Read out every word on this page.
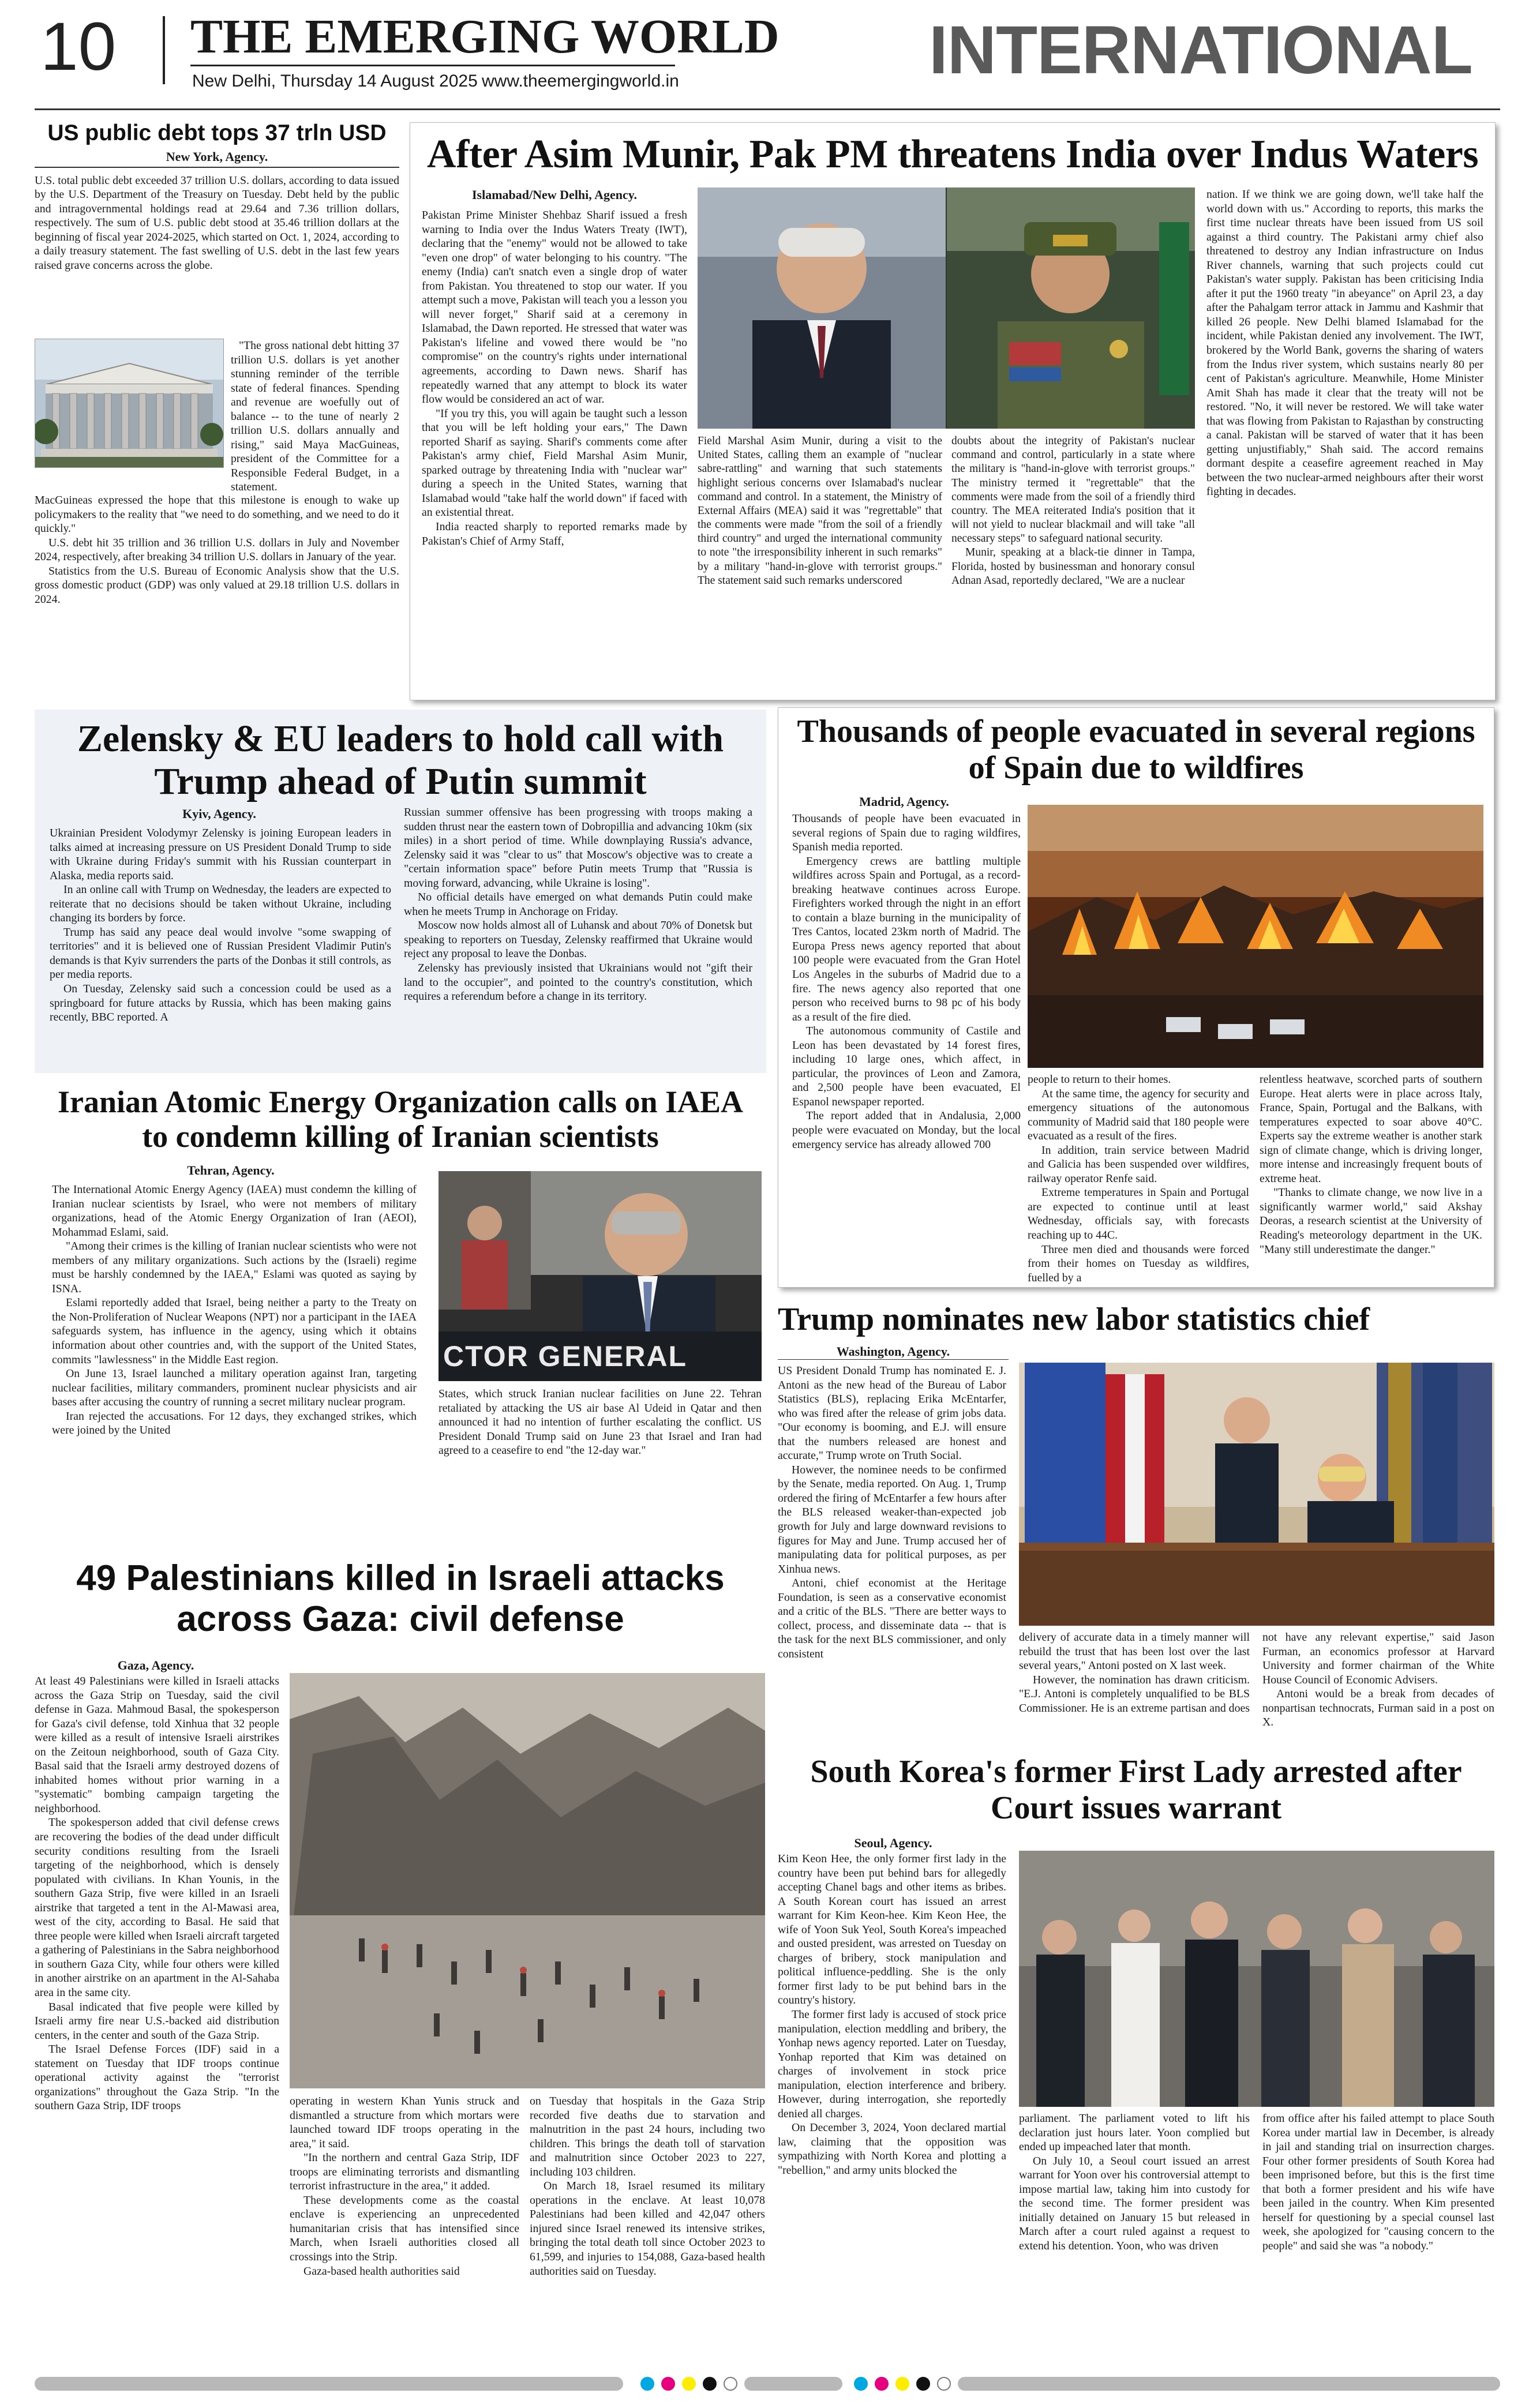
10 THE EMERGING WORLD
New Delhi, Thursday 14 August 2025 www.theemergingworld.in	INTERNATIONAL
US public debt tops 37 trln USD
New York, Agency.

U.S. total public debt exceeded 37 trillion U.S. dollars, according to data issued by the U.S. Department of the Treasury on Tuesday. Debt held by the public and intragovernmental holdings read at 29.64 and 7.36 trillion dollars, respectively. The sum of U.S. public debt stood at 35.46 trillion dollars at the beginning of fiscal year 2024-2025, which started on Oct. 1, 2024, according to a daily treasury statement. The fast swelling of U.S. debt in the last few years raised grave concerns across the globe.

"The gross national debt hitting 37 trillion U.S. dollars is yet another stunning reminder of the terrible state of federal finances. Spending and revenue are woefully out of balance -- to the tune of nearly 2 trillion U.S. dollars annually and rising," said Maya MacGuineas, president of the Committee for a Responsible Federal Budget, in a statement.

MacGuineas expressed the hope that this milestone is enough to wake up policymakers to the reality that "we need to do something, and we need to do it quickly."

U.S. debt hit 35 trillion and 36 trillion U.S. dollars in July and November 2024, respectively, after breaking 34 trillion U.S. dollars in January of the year.

Statistics from the U.S. Bureau of Economic Analysis show that the U.S. gross domestic product (GDP) was only valued at 29.18 trillion U.S. dollars in 2024.

After Asim Munir, Pak PM threatens India over Indus Waters
Islamabad/New Delhi, Agency.

Pakistan Prime Minister Shehbaz Sharif issued a fresh warning to India over the Indus Waters Treaty (IWT), declaring that the "enemy" would not be allowed to take "even one drop" of water belonging to his country. "The enemy (India) can't snatch even a single drop of water from Pakistan. You threatened to stop our water. If you attempt such a move, Pakistan will teach you a lesson you will never forget," Sharif said at a ceremony in Islamabad, the Dawn reported. He stressed that water was Pakistan's lifeline and vowed there would be "no compromise" on the country's rights under international agreements, according to Dawn news. Sharif has repeatedly warned that any attempt to block its water flow would be considered an act of war.

"If you try this, you will again be taught such a lesson that you will be left holding your ears," The Dawn reported Sharif as saying. Sharif's comments come after Pakistan's army chief, Field Marshal Asim Munir, sparked outrage by threatening India with "nuclear war" during a speech in the United States, warning that Islamabad would "take half the world down" if faced with an existential threat.

India reacted sharply to reported remarks made by Pakistan's Chief of Army Staff,

Field Marshal Asim Munir, during a visit to the United States, calling them an example of "nuclear sabre-rattling" and warning that such statements highlight serious concerns over Islamabad's nuclear command and control. In a statement, the Ministry of External Affairs (MEA) said it was "regrettable" that the comments were made "from the soil of a friendly third country" and urged the international community to note "the irresponsibility inherent in such remarks" by a military "hand-in-glove with terrorist groups." The statement said such remarks underscored

doubts about the integrity of Pakistan's nuclear command and control, particularly in a state where the military is "hand-in-glove with terrorist groups." The ministry termed it "regrettable" that the comments were made from the soil of a friendly third country. The MEA reiterated India's position that it will not yield to nuclear blackmail and will take "all necessary steps" to safeguard national security.

Munir, speaking at a black-tie dinner in Tampa, Florida, hosted by businessman and honorary consul Adnan Asad, reportedly declared, "We are a nuclear

nation. If we think we are going down, we'll take half the world down with us." According to reports, this marks the first time nuclear threats have been issued from US soil against a third country. The Pakistani army chief also threatened to destroy any Indian infrastructure on Indus River channels, warning that such projects could cut Pakistan's water supply. Pakistan has been criticising India after it put the 1960 treaty "in abeyance" on April 23, a day after the Pahalgam terror attack in Jammu and Kashmir that killed 26 people. New Delhi blamed Islamabad for the incident, while Pakistan denied any involvement. The IWT, brokered by the World Bank, governs the sharing of waters from the Indus river system, which sustains nearly 80 per cent of Pakistan's agriculture. Meanwhile, Home Minister Amit Shah has made it clear that the treaty will not be restored. "No, it will never be restored. We will take water that was flowing from Pakistan to Rajasthan by constructing a canal. Pakistan will be starved of water that it has been getting unjustifiably," Shah said. The accord remains dormant despite a ceasefire agreement reached in May between the two nuclear-armed neighbours after their worst fighting in decades.

Zelensky & EU leaders to hold call with Trump ahead of Putin summit
Kyiv, Agency.

Ukrainian President Volodymyr Zelensky is joining European leaders in talks aimed at increasing pressure on US President Donald Trump to side with Ukraine during Friday's summit with his Russian counterpart in Alaska, media reports said.

In an online call with Trump on Wednesday, the leaders are expected to reiterate that no decisions should be taken without Ukraine, including changing its borders by force.

Trump has said any peace deal would involve "some swapping of territories" and it is believed one of Russian President Vladimir Putin's demands is that Kyiv surrenders the parts of the Donbas it still controls, as per media reports.

On Tuesday, Zelensky said such a concession could be used as a springboard for future attacks by Russia, which has been making gains recently, BBC reported. A

Russian summer offensive has been progressing with troops making a sudden thrust near the eastern town of Dobropillia and advancing 10km (six miles) in a short period of time. While downplaying Russia's advance, Zelensky said it was "clear to us" that Moscow's objective was to create a "certain information space" before Putin meets Trump that "Russia is moving forward, advancing, while Ukraine is losing".

No official details have emerged on what demands Putin could make when he meets Trump in Anchorage on Friday.

Moscow now holds almost all of Luhansk and about 70% of Donetsk but speaking to reporters on Tuesday, Zelensky reaffirmed that Ukraine would reject any proposal to leave the Donbas.

Zelensky has previously insisted that Ukrainians would not "gift their land to the occupier", and pointed to the country's constitution, which requires a referendum before a change in its territory.

Iranian Atomic Energy Organization calls on IAEA to condemn killing of Iranian scientists
Tehran, Agency.

The International Atomic Energy Agency (IAEA) must condemn the killing of Iranian nuclear scientists by Israel, who were not members of military organizations, head of the Atomic Energy Organization of Iran (AEOI), Mohammad Eslami, said.

"Among their crimes is the killing of Iranian nuclear scientists who were not members of any military organizations. Such actions by the (Israeli) regime must be harshly condemned by the IAEA," Eslami was quoted as saying by ISNA.

Eslami reportedly added that Israel, being neither a party to the Treaty on the Non-Proliferation of Nuclear Weapons (NPT) nor a participant in the IAEA safeguards system, has influence in the agency, using which it obtains information about other countries and, with the support of the United States, commits "lawlessness" in the Middle East region.

On June 13, Israel launched a military operation against Iran, targeting nuclear facilities, military commanders, prominent nuclear physicists and air bases after accusing the country of running a secret military nuclear program.

Iran rejected the accusations. For 12 days, they exchanged strikes, which were joined by the United

CTOR GENERAL

States, which struck Iranian nuclear facilities on June 22. Tehran retaliated by attacking the US air base Al Udeid in Qatar and then announced it had no intention of further escalating the conflict. US President Donald Trump said on June 23 that Israel and Iran had agreed to a ceasefire to end "the 12-day war."

49 Palestinians killed in Israeli attacks across Gaza: civil defense
Gaza, Agency.

At least 49 Palestinians were killed in Israeli attacks across the Gaza Strip on Tuesday, said the civil defense in Gaza. Mahmoud Basal, the spokesperson for Gaza's civil defense, told Xinhua that 32 people were killed as a result of intensive Israeli airstrikes on the Zeitoun neighborhood, south of Gaza City. Basal said that the Israeli army destroyed dozens of inhabited homes without prior warning in a "systematic" bombing campaign targeting the neighborhood.

The spokesperson added that civil defense crews are recovering the bodies of the dead under difficult security conditions resulting from the Israeli targeting of the neighborhood, which is densely populated with civilians. In Khan Younis, in the southern Gaza Strip, five were killed in an Israeli airstrike that targeted a tent in the Al-Mawasi area, west of the city, according to Basal. He said that three people were killed when Israeli aircraft targeted a gathering of Palestinians in the Sabra neighborhood in southern Gaza City, while four others were killed in another airstrike on an apartment in the Al-Sahaba area in the same city.

Basal indicated that five people were killed by Israeli army fire near U.S.-backed aid distribution centers, in the center and south of the Gaza Strip.

The Israel Defense Forces (IDF) said in a statement on Tuesday that IDF troops continue operational activity against the "terrorist organizations" throughout the Gaza Strip. "In the southern Gaza Strip, IDF troops	operating in western Khan Yunis struck and dismantled a structure from which mortars were launched toward IDF troops operating in the area," it said.

"In the northern and central Gaza Strip, IDF troops are eliminating terrorists and dismantling terrorist infrastructure in the area," it added.

These developments come as the coastal enclave is experiencing an unprecedented humanitarian crisis that has intensified since March, when Israeli authorities closed all crossings into the Strip.

Gaza-based health authorities said

on Tuesday that hospitals in the Gaza Strip recorded five deaths due to starvation and malnutrition in the past 24 hours, including two children. This brings the death toll of starvation and malnutrition since October 2023 to 227, including 103 children.

On March 18, Israel resumed its military operations in the enclave. At least 10,078 Palestinians had been killed and 42,047 others injured since Israel renewed its intensive strikes, bringing the total death toll since October 2023 to 61,599, and injuries to 154,088, Gaza-based health authorities said on Tuesday.

Thousands of people evacuated in several regions of Spain due to wildfires
Madrid, Agency.

Thousands of people have been evacuated in several regions of Spain due to raging wildfires, Spanish media reported.

Emergency crews are battling multiple wildfires across Spain and Portugal, as a record-breaking heatwave continues across Europe. Firefighters worked through the night in an effort to contain a blaze burning in the municipality of Tres Cantos, located 23km north of Madrid. The Europa Press news agency reported that about 100 people were evacuated from the Gran Hotel Los Angeles in the suburbs of Madrid due to a fire. The news agency also reported that one person who received burns to 98 pc of his body as a result of the fire died.

The autonomous community of Castile and Leon has been devastated by 14 forest fires, including 10 large ones, which affect, in particular, the provinces of Leon and Zamora, and 2,500 people have been evacuated, El Espanol newspaper reported.

The report added that in Andalusia, 2,000 people were evacuated on Monday, but the local emergency service has already allowed 700

people to return to their homes.

At the same time, the agency for security and emergency situations of the autonomous community of Madrid said that 180 people were evacuated as a result of the fires.

In addition, train service between Madrid and Galicia has been suspended over wildfires, railway operator Renfe said.

Extreme temperatures in Spain and Portugal are expected to continue until at least Wednesday, officials say, with forecasts reaching up to 44C.

Three men died and thousands were forced from their homes on Tuesday as wildfires, fuelled by a

relentless heatwave, scorched parts of southern Europe. Heat alerts were in place across Italy, France, Spain, Portugal and the Balkans, with temperatures expected to soar above 40°C. Experts say the extreme weather is another stark sign of climate change, which is driving longer, more intense and increasingly frequent bouts of extreme heat.

"Thanks to climate change, we now live in a significantly warmer world," said Akshay Deoras, a research scientist at the University of Reading's meteorology department in the UK. "Many still underestimate the danger."

Trump nominates new labor statistics chief
Washington, Agency.

US President Donald Trump has nominated E. J. Antoni as the new head of the Bureau of Labor Statistics (BLS), replacing Erika McEntarfer, who was fired after the release of grim jobs data. "Our economy is booming, and E.J. will ensure that the numbers released are honest and accurate," Trump wrote on Truth Social.

However, the nominee needs to be confirmed by the Senate, media reported. On Aug. 1, Trump ordered the firing of McEntarfer a few hours after the BLS released weaker-than-expected job growth for July and large downward revisions to figures for May and June. Trump accused her of manipulating data for political purposes, as per Xinhua news.

Antoni, chief economist at the Heritage Foundation, is seen as a conservative economist and a critic of the BLS. "There are better ways to collect, process, and disseminate data -- that is the task for the next BLS commissioner, and only consistent

delivery of accurate data in a timely manner will rebuild the trust that has been lost over the last several years," Antoni posted on X last week.

However, the nomination has drawn criticism. "E.J. Antoni is completely unqualified to be BLS Commissioner. He is an extreme partisan and does

not have any relevant expertise," said Jason Furman, an economics professor at Harvard University and former chairman of the White House Council of Economic Advisers.

Antoni would be a break from decades of nonpartisan technocrats, Furman said in a post on X.

South Korea's former First Lady arrested after Court issues warrant
Seoul, Agency.

Kim Keon Hee, the only former first lady in the country have been put behind bars for allegedly accepting Chanel bags and other items as bribes. A South Korean court has issued an arrest warrant for Kim Keon-hee. Kim Keon Hee, the wife of Yoon Suk Yeol, South Korea's impeached and ousted president, was arrested on Tuesday on charges of bribery, stock manipulation and political influence-peddling. She is the only former first lady to be put behind bars in the country's history.

The former first lady is accused of stock price manipulation, election meddling and bribery, the Yonhap news agency reported. Later on Tuesday, Yonhap reported that Kim was detained on charges of involvement in stock price manipulation, election interference and bribery. However, during interrogation, she reportedly denied all charges.

On December 3, 2024, Yoon declared martial law, claiming that the opposition was sympathizing with North Korea and plotting a "rebellion," and army units blocked the

parliament. The parliament voted to lift his declaration just hours later. Yoon complied but ended up impeached later that month.

On July 10, a Seoul court issued an arrest warrant for Yoon over his controversial attempt to impose martial law, taking him into custody for the second time. The former president was initially detained on January 15 but released in March after a court ruled against a request to extend his detention. Yoon, who was driven

from office after his failed attempt to place South Korea under martial law in December, is already in jail and standing trial on insurrection charges. Four other former presidents of South Korea had been imprisoned before, but this is the first time that both a former president and his wife have been jailed in the country. When Kim presented herself for questioning by a special counsel last week, she apologized for "causing concern to the people" and said she was "a nobody."
